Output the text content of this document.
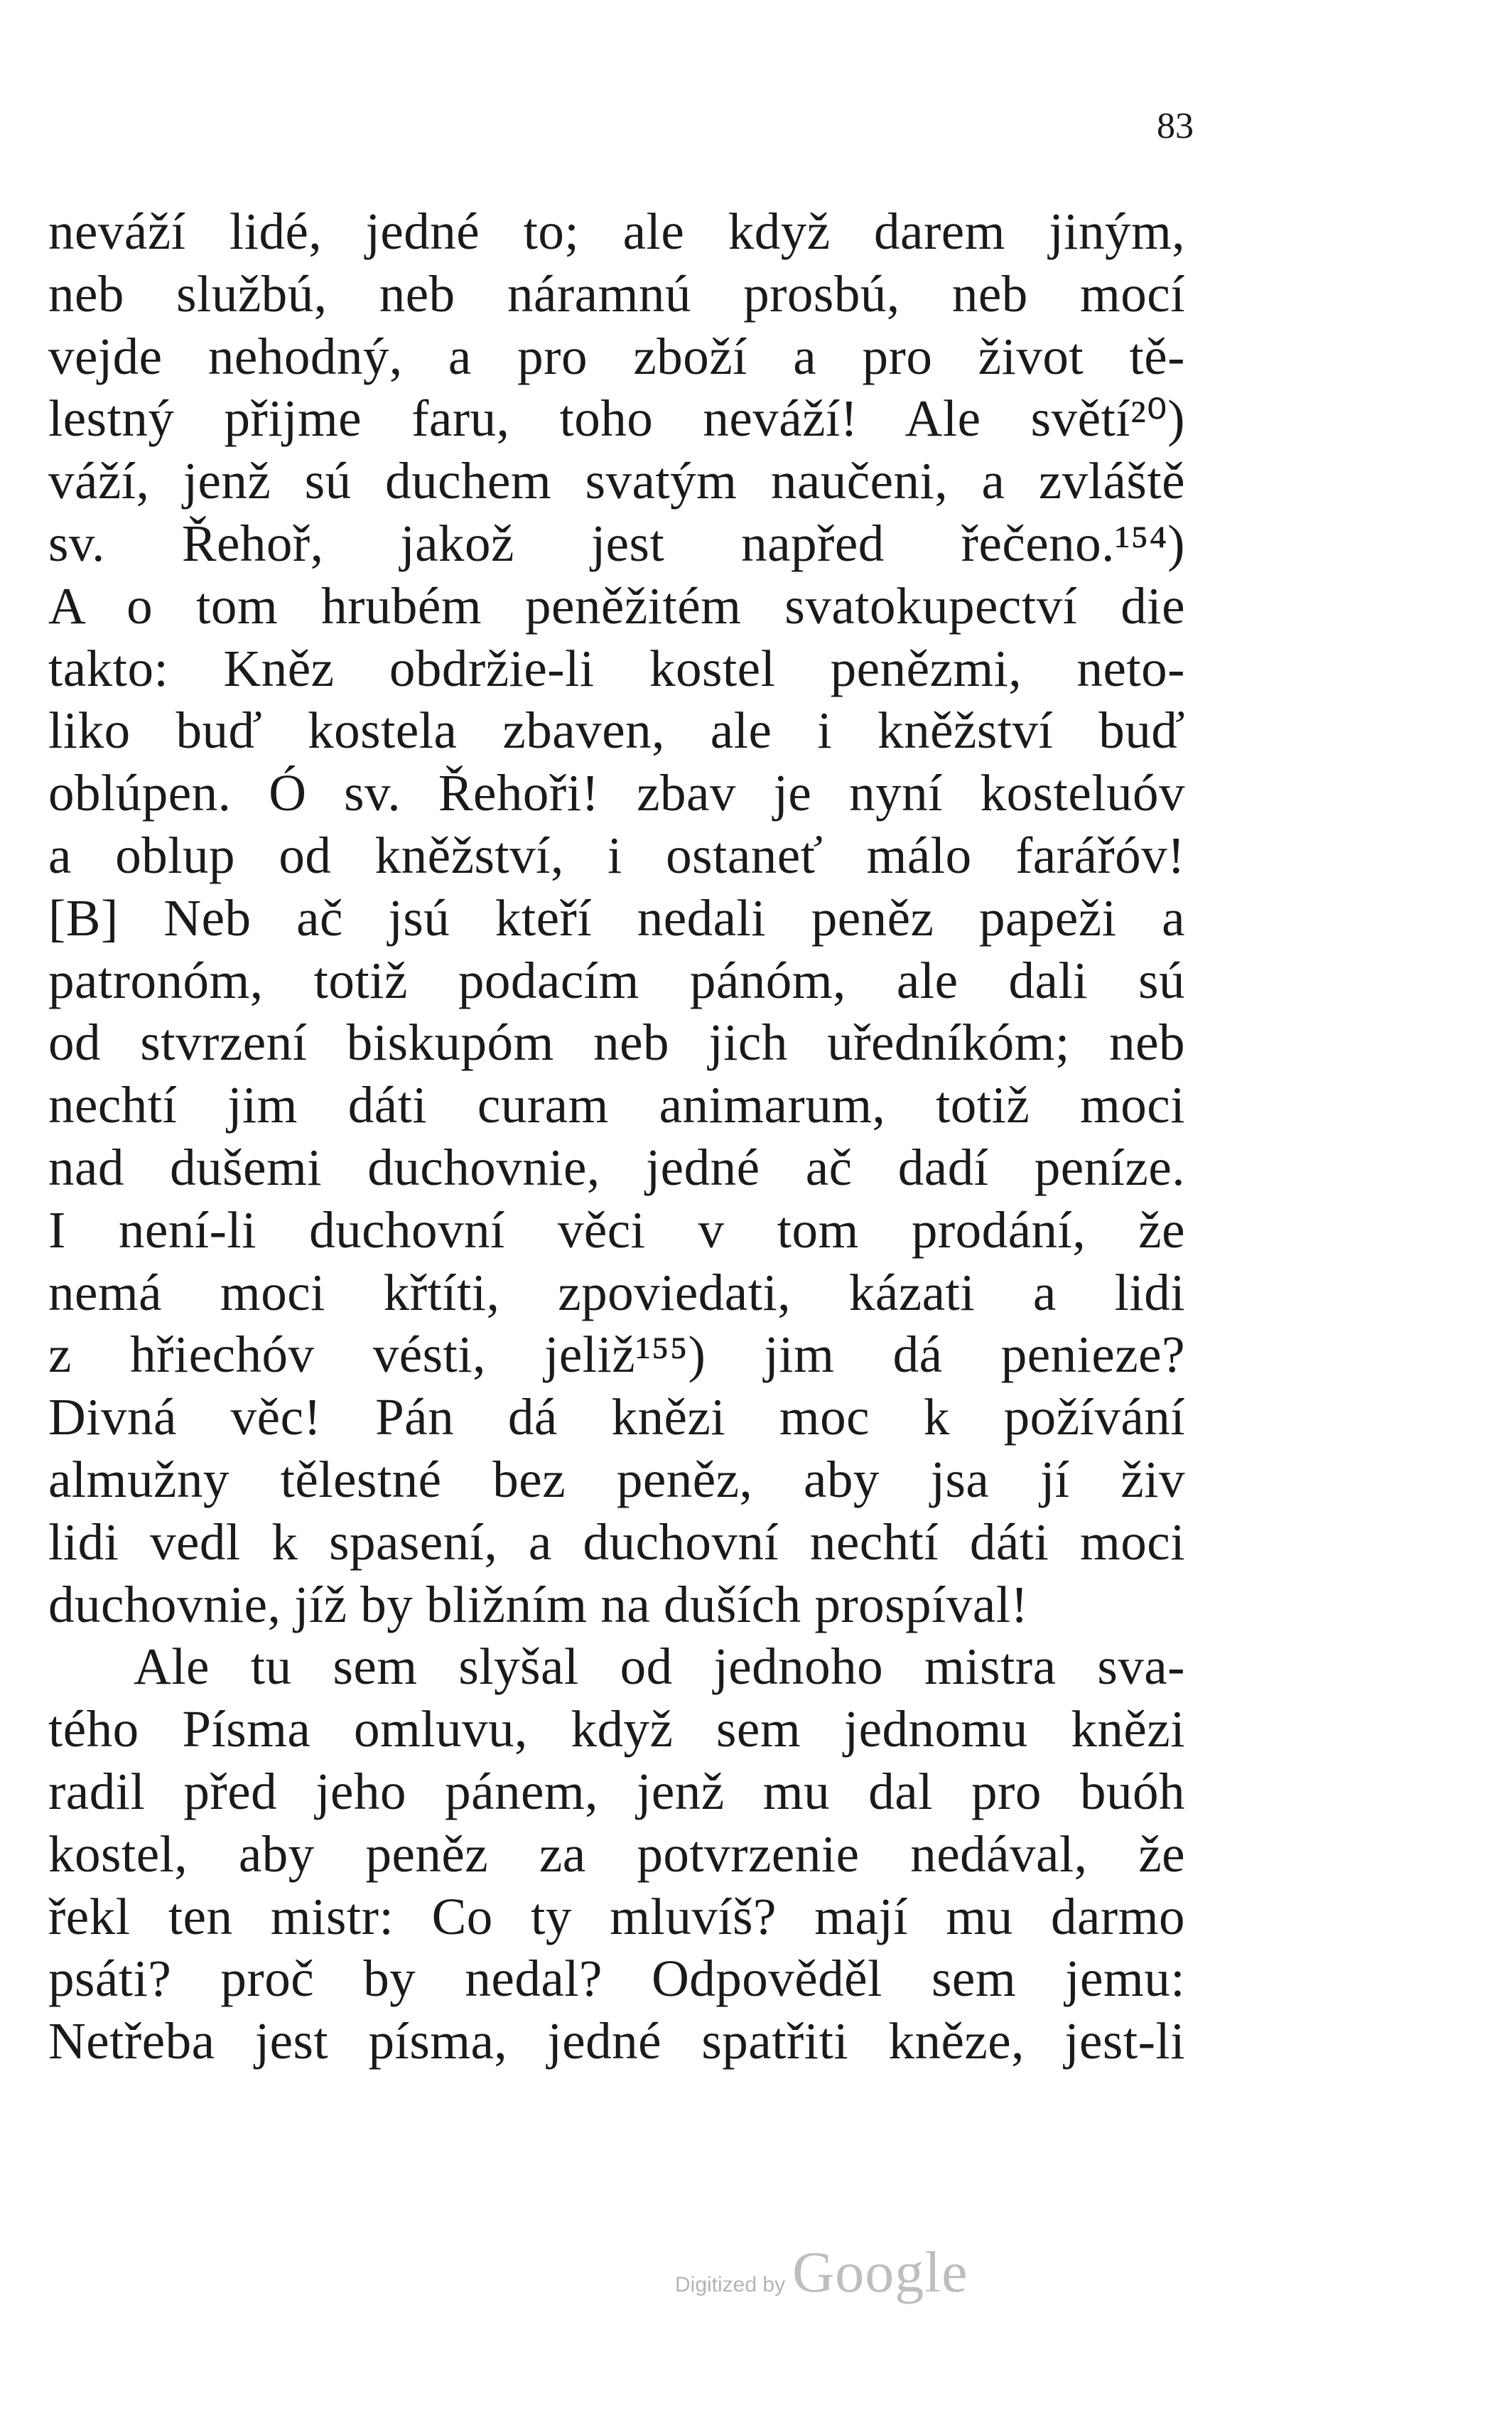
83
neváží lidé, jedné to; ale když darem jiným,
neb službú, neb náramnú prosbú, neb mocí
vejde nehodný, a pro zboží a pro život tě-
lestný přijme faru, toho neváží! Ale světí²⁰)
váží, jenž sú duchem svatým naučeni, a zvláště
sv. Řehoř, jakož jest napřed řečeno.¹⁵⁴)
A o tom hrubém peněžitém svatokupectví die
takto: Kněz obdržie-li kostel penězmi, neto-
liko buď kostela zbaven, ale i kněžství buď
oblúpen. Ó sv. Řehoři! zbav je nyní kosteluóv
a oblup od kněžství, i ostaneť málo farářóv!
[B] Neb ač jsú kteří nedali peněz papeži a
patronóm, totiž podacím pánóm, ale dali sú
od stvrzení biskupóm neb jich uředníkóm; neb
nechtí jim dáti curam animarum, totiž moci
nad dušemi duchovnie, jedné ač dadí peníze.
I není-li duchovní věci v tom prodání, že
nemá moci křtíti, zpoviedati, kázati a lidi
z hřiechóv vésti, jeliž¹⁵⁵) jim dá penieze?
Divná věc! Pán dá knězi moc k požívání
almužny tělestné bez peněz, aby jsa jí živ
lidi vedl k spasení, a duchovní nechtí dáti moci
duchovnie, jíž by bližním na duších prospíval!
Ale tu sem slyšal od jednoho mistra sva-
tého Písma omluvu, když sem jednomu knězi
radil před jeho pánem, jenž mu dal pro buóh
kostel, aby peněz za potvrzenie nedával, že
řekl ten mistr: Co ty mluvíš? mají mu darmo
psáti? proč by nedal? Odpověděl sem jemu:
Netřeba jest písma, jedné spatřiti kněze, jest-li
Digitized by Google
